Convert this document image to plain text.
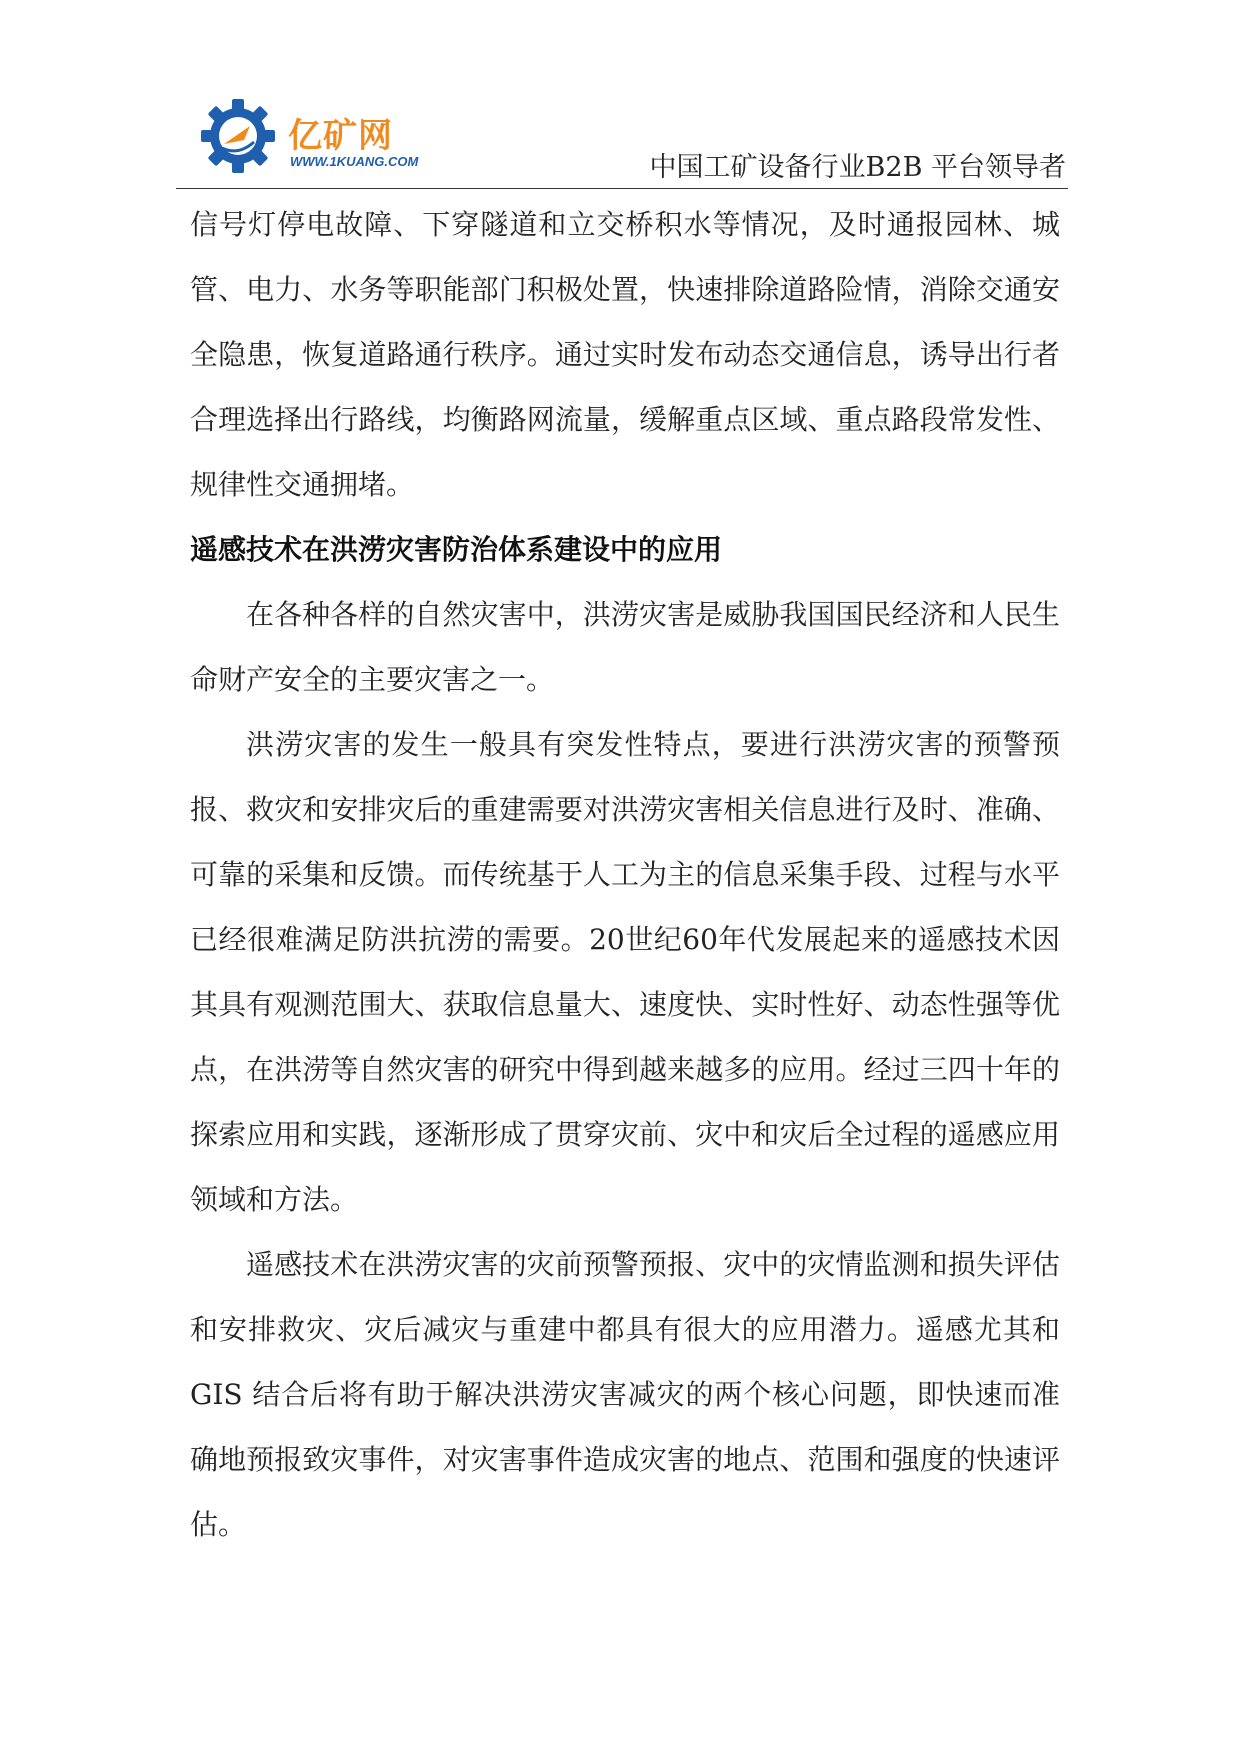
亿矿网
WWW.1KUANG.COM	中国工矿设备行业B2B 平台领导者

信号灯停电故障、下穿隧道和立交桥积水等情况，及时通报园林、城管、电力、水务等职能部门积极处置，快速排除道路险情，消除交通安全隐患，恢复道路通行秩序。通过实时发布动态交通信息，诱导出行者合理选择出行路线，均衡路网流量，缓解重点区域、重点路段常发性、规律性交通拥堵。

遥感技术在洪涝灾害防治体系建设中的应用

在各种各样的自然灾害中，洪涝灾害是威胁我国国民经济和人民生命财产安全的主要灾害之一。

洪涝灾害的发生一般具有突发性特点，要进行洪涝灾害的预警预报、救灾和安排灾后的重建需要对洪涝灾害相关信息进行及时、准确、可靠的采集和反馈。而传统基于人工为主的信息采集手段、过程与水平已经很难满足防洪抗涝的需要。20世纪60年代发展起来的遥感技术因其具有观测范围大、获取信息量大、速度快、实时性好、动态性强等优点，在洪涝等自然灾害的研究中得到越来越多的应用。经过三四十年的探索应用和实践，逐渐形成了贯穿灾前、灾中和灾后全过程的遥感应用领域和方法。

遥感技术在洪涝灾害的灾前预警预报、灾中的灾情监测和损失评估和安排救灾、灾后减灾与重建中都具有很大的应用潜力。遥感尤其和GIS 结合后将有助于解决洪涝灾害减灾的两个核心问题，即快速而准确地预报致灾事件，对灾害事件造成灾害的地点、范围和强度的快速评估。
